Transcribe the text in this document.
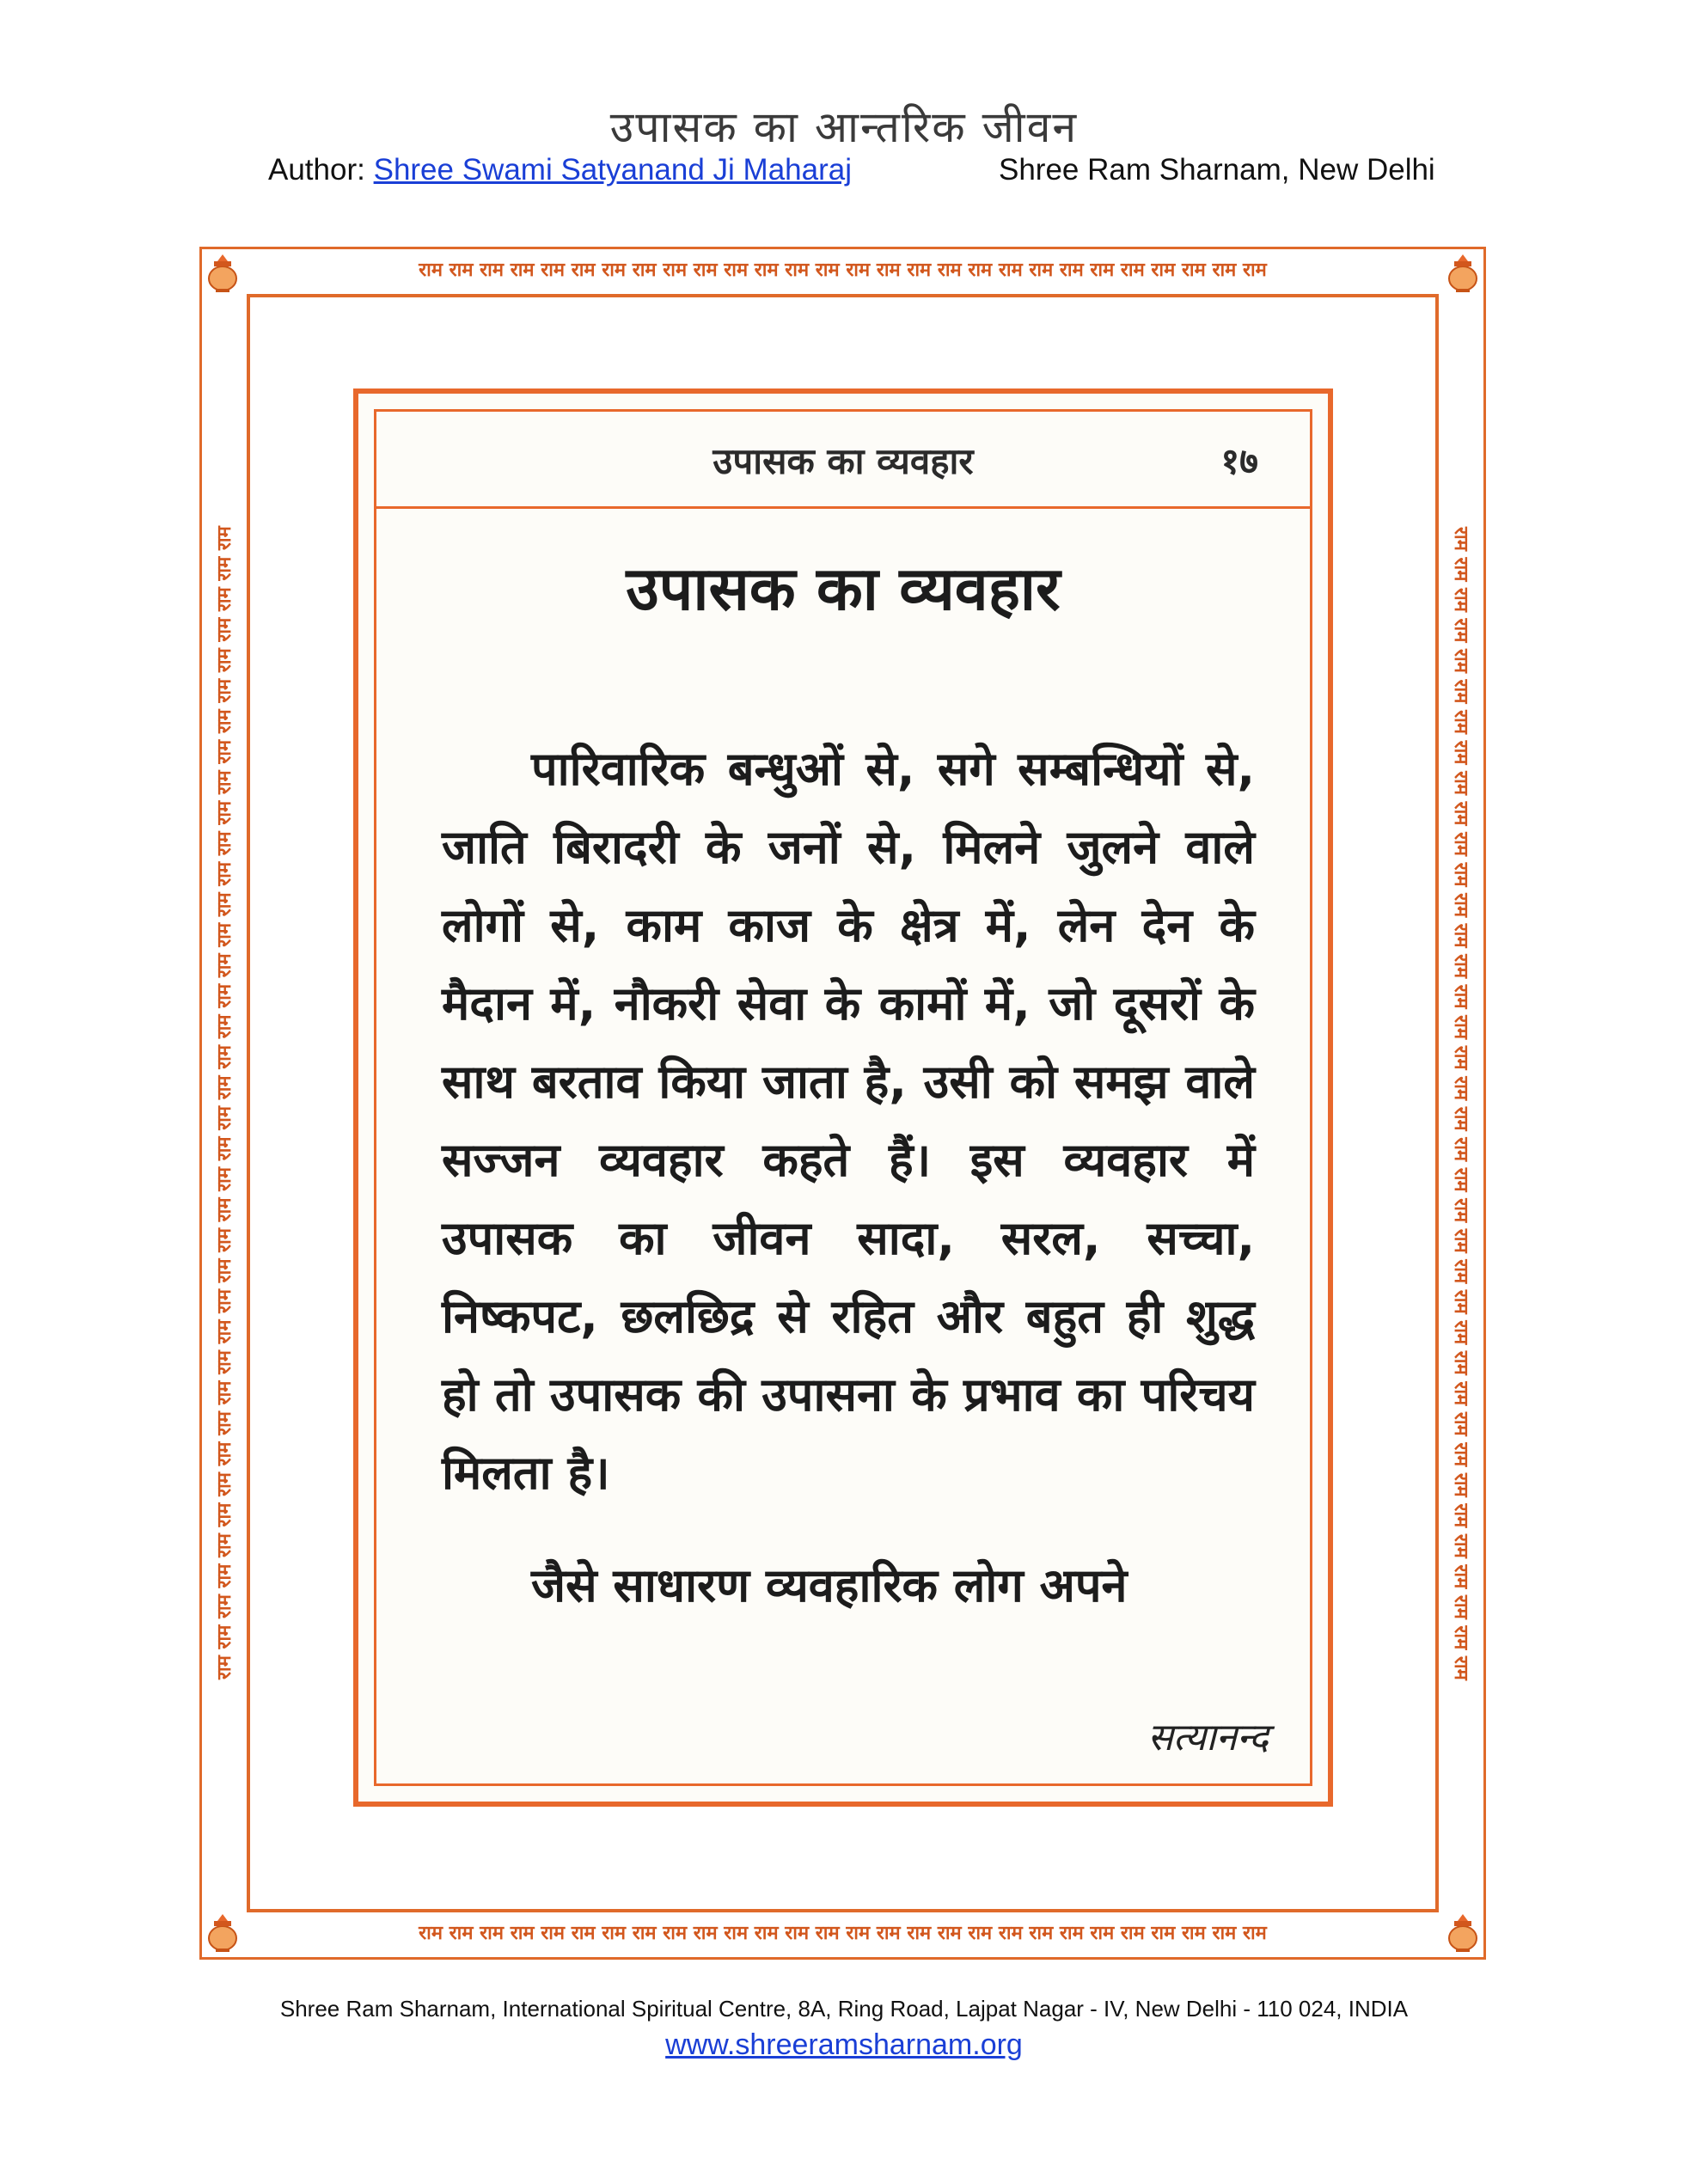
उपासक का आन्तरिक जीवन
Author: Shree Swami Satyanand Ji Maharaj	Shree Ram Sharnam, New Delhi
राम राम राम राम राम राम राम राम राम राम राम राम राम राम राम राम राम राम राम राम राम राम राम राम राम राम राम राम
राम राम राम राम राम राम राम राम राम राम राम राम राम राम राम राम राम राम राम राम राम राम राम राम राम राम राम राम
राम राम राम राम राम राम राम राम राम राम राम राम राम राम राम राम राम राम राम राम राम राम राम राम राम राम राम राम राम राम राम राम राम राम राम राम राम राम	राम राम राम राम राम राम राम राम राम राम राम राम राम राम राम राम राम राम राम राम राम राम राम राम राम राम राम राम राम राम राम राम राम राम राम राम राम राम
उपासक का व्यवहार	१७
उपासक का व्यवहार

पारिवारिक बन्धुओं से, सगे सम्बन्धियों से, जाति बिरादरी के जनों से, मिलने जुलने वाले लोगों से, काम काज के क्षेत्र में, लेन देन के मैदान में, नौकरी सेवा के कामों में, जो दूसरों के साथ बरताव किया जाता है, उसी को समझ वाले सज्जन व्यवहार कहते हैं। इस व्यवहार में उपासक का जीवन सादा, सरल, सच्चा, निष्कपट, छलछिद्र से रहित और बहुत ही शुद्ध हो तो उपासक की उपासना के प्रभाव का परिचय मिलता है।

जैसे साधारण व्यवहारिक लोग अपने

सत्यानन्द
Shree Ram Sharnam, International Spiritual Centre, 8A, Ring Road, Lajpat Nagar - IV, New Delhi - 110 024, INDIA
www.shreeramsharnam.org
